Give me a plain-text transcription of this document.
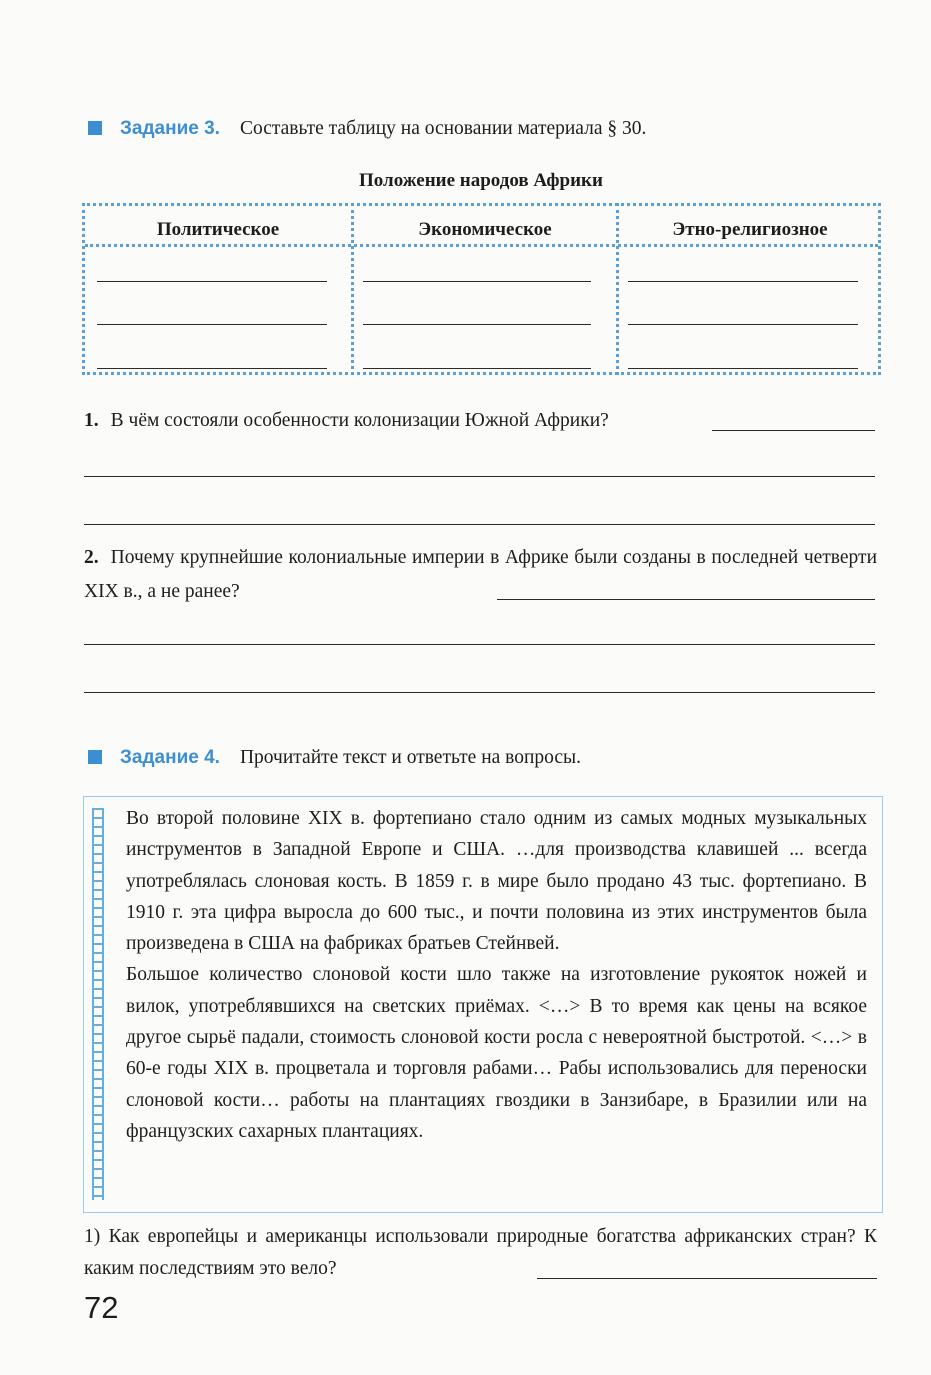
Задание 3. Составьте таблицу на основании материала § 30.
Положение народов Африки
Политическое	Экономическое	Этно-религиозное
1. В чём состояли особенности колонизации Южной Африки?
2. Почему крупнейшие колониальные империи в Африке были созданы в последней четверти XIX в., а не ранее?
Задание 4. Прочитайте текст и ответьте на вопросы.

Во второй половине XIX в. фортепиано стало одним из самых модных музыкальных инструментов в Западной Европе и США. …для производства клавишей ... всегда употреблялась слоновая кость. В 1859 г. в мире было продано 43 тыс. фортепиано. В 1910 г. эта цифра выросла до 600 тыс., и почти половина из этих инструментов была произведена в США на фабриках братьев Стейнвей.

Большое количество слоновой кости шло также на изготовление рукояток ножей и вилок, употреблявшихся на светских приёмах. <…> В то время как цены на всякое другое сырьё падали, стоимость слоновой кости росла с невероятной быстротой. <…> в 60-е годы XIX в. процветала и торговля рабами… Рабы использовались для переноски слоновой кости… работы на плантациях гвоздики в Занзибаре, в Бразилии или на французских сахарных плантациях.

1) Как европейцы и американцы использовали природные богатства африканских стран? К каким последствиям это вело?
72
